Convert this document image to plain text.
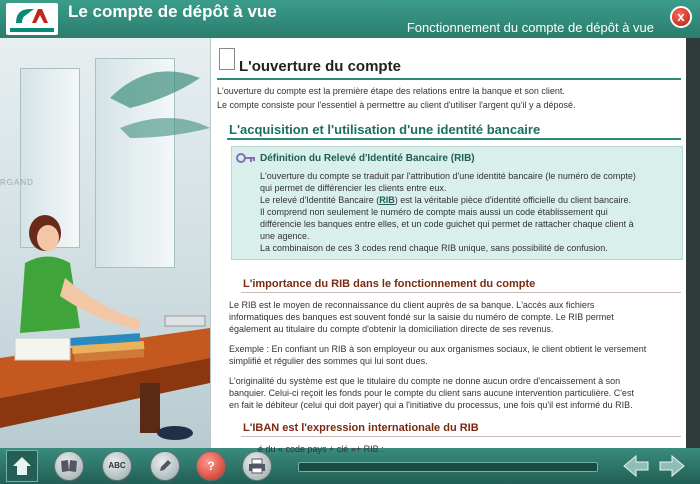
Le compte de dépôt à vue
Fonctionnement du compte de dépôt à vue
x
RGAND
L'ouverture du compte
L'ouverture du compte est la première étape des relations entre la banque et son client.
Le compte consiste pour l'essentiel à permettre au client d'utiliser l'argent qu'il y a déposé.
L'acquisition et l'utilisation d'une identité bancaire
Définition du Relevé d'Identité Bancaire (RIB)
L'ouverture du compte se traduit par l'attribution d'une identité bancaire (le numéro de compte)
qui permet de différencier les clients entre eux.
Le relevé d'Identité Bancaire (RIB) est la véritable pièce d'identité officielle du client bancaire.
Il comprend non seulement le numéro de compte mais aussi un code établissement qui
différencie les banques entre elles, et un code guichet qui permet de rattacher chaque client à
une agence.
La combinaison de ces 3 codes rend chaque RIB unique, sans possibilité de confusion.
L'importance du RIB dans le fonctionnement du compte
Le RIB est le moyen de reconnaissance du client auprès de sa banque. L'accès aux fichiers
informatiques des banques est souvent fondé sur la saisie du numéro de compte. Le RIB permet
également au titulaire du compte d'obtenir la domiciliation directe de ses revenus.
Exemple : En confiant un RIB à son employeur ou aux organismes sociaux, le client obtient le versement
simplifié et régulier des sommes qui lui sont dues.
L'originalité du système est que le titulaire du compte ne donne aucun ordre d'encaissement à son
banquier. Celui-ci reçoit les fonds pour le compte du client sans aucune intervention particulière. C'est
en fait le débiteur (celui qui doit payer) qui a l'initiative du processus, une fois qu'il est informé du RIB.
L'IBAN est l'expression internationale du RIB
ABC	?
é du « code pays + clé »+ RIB :
